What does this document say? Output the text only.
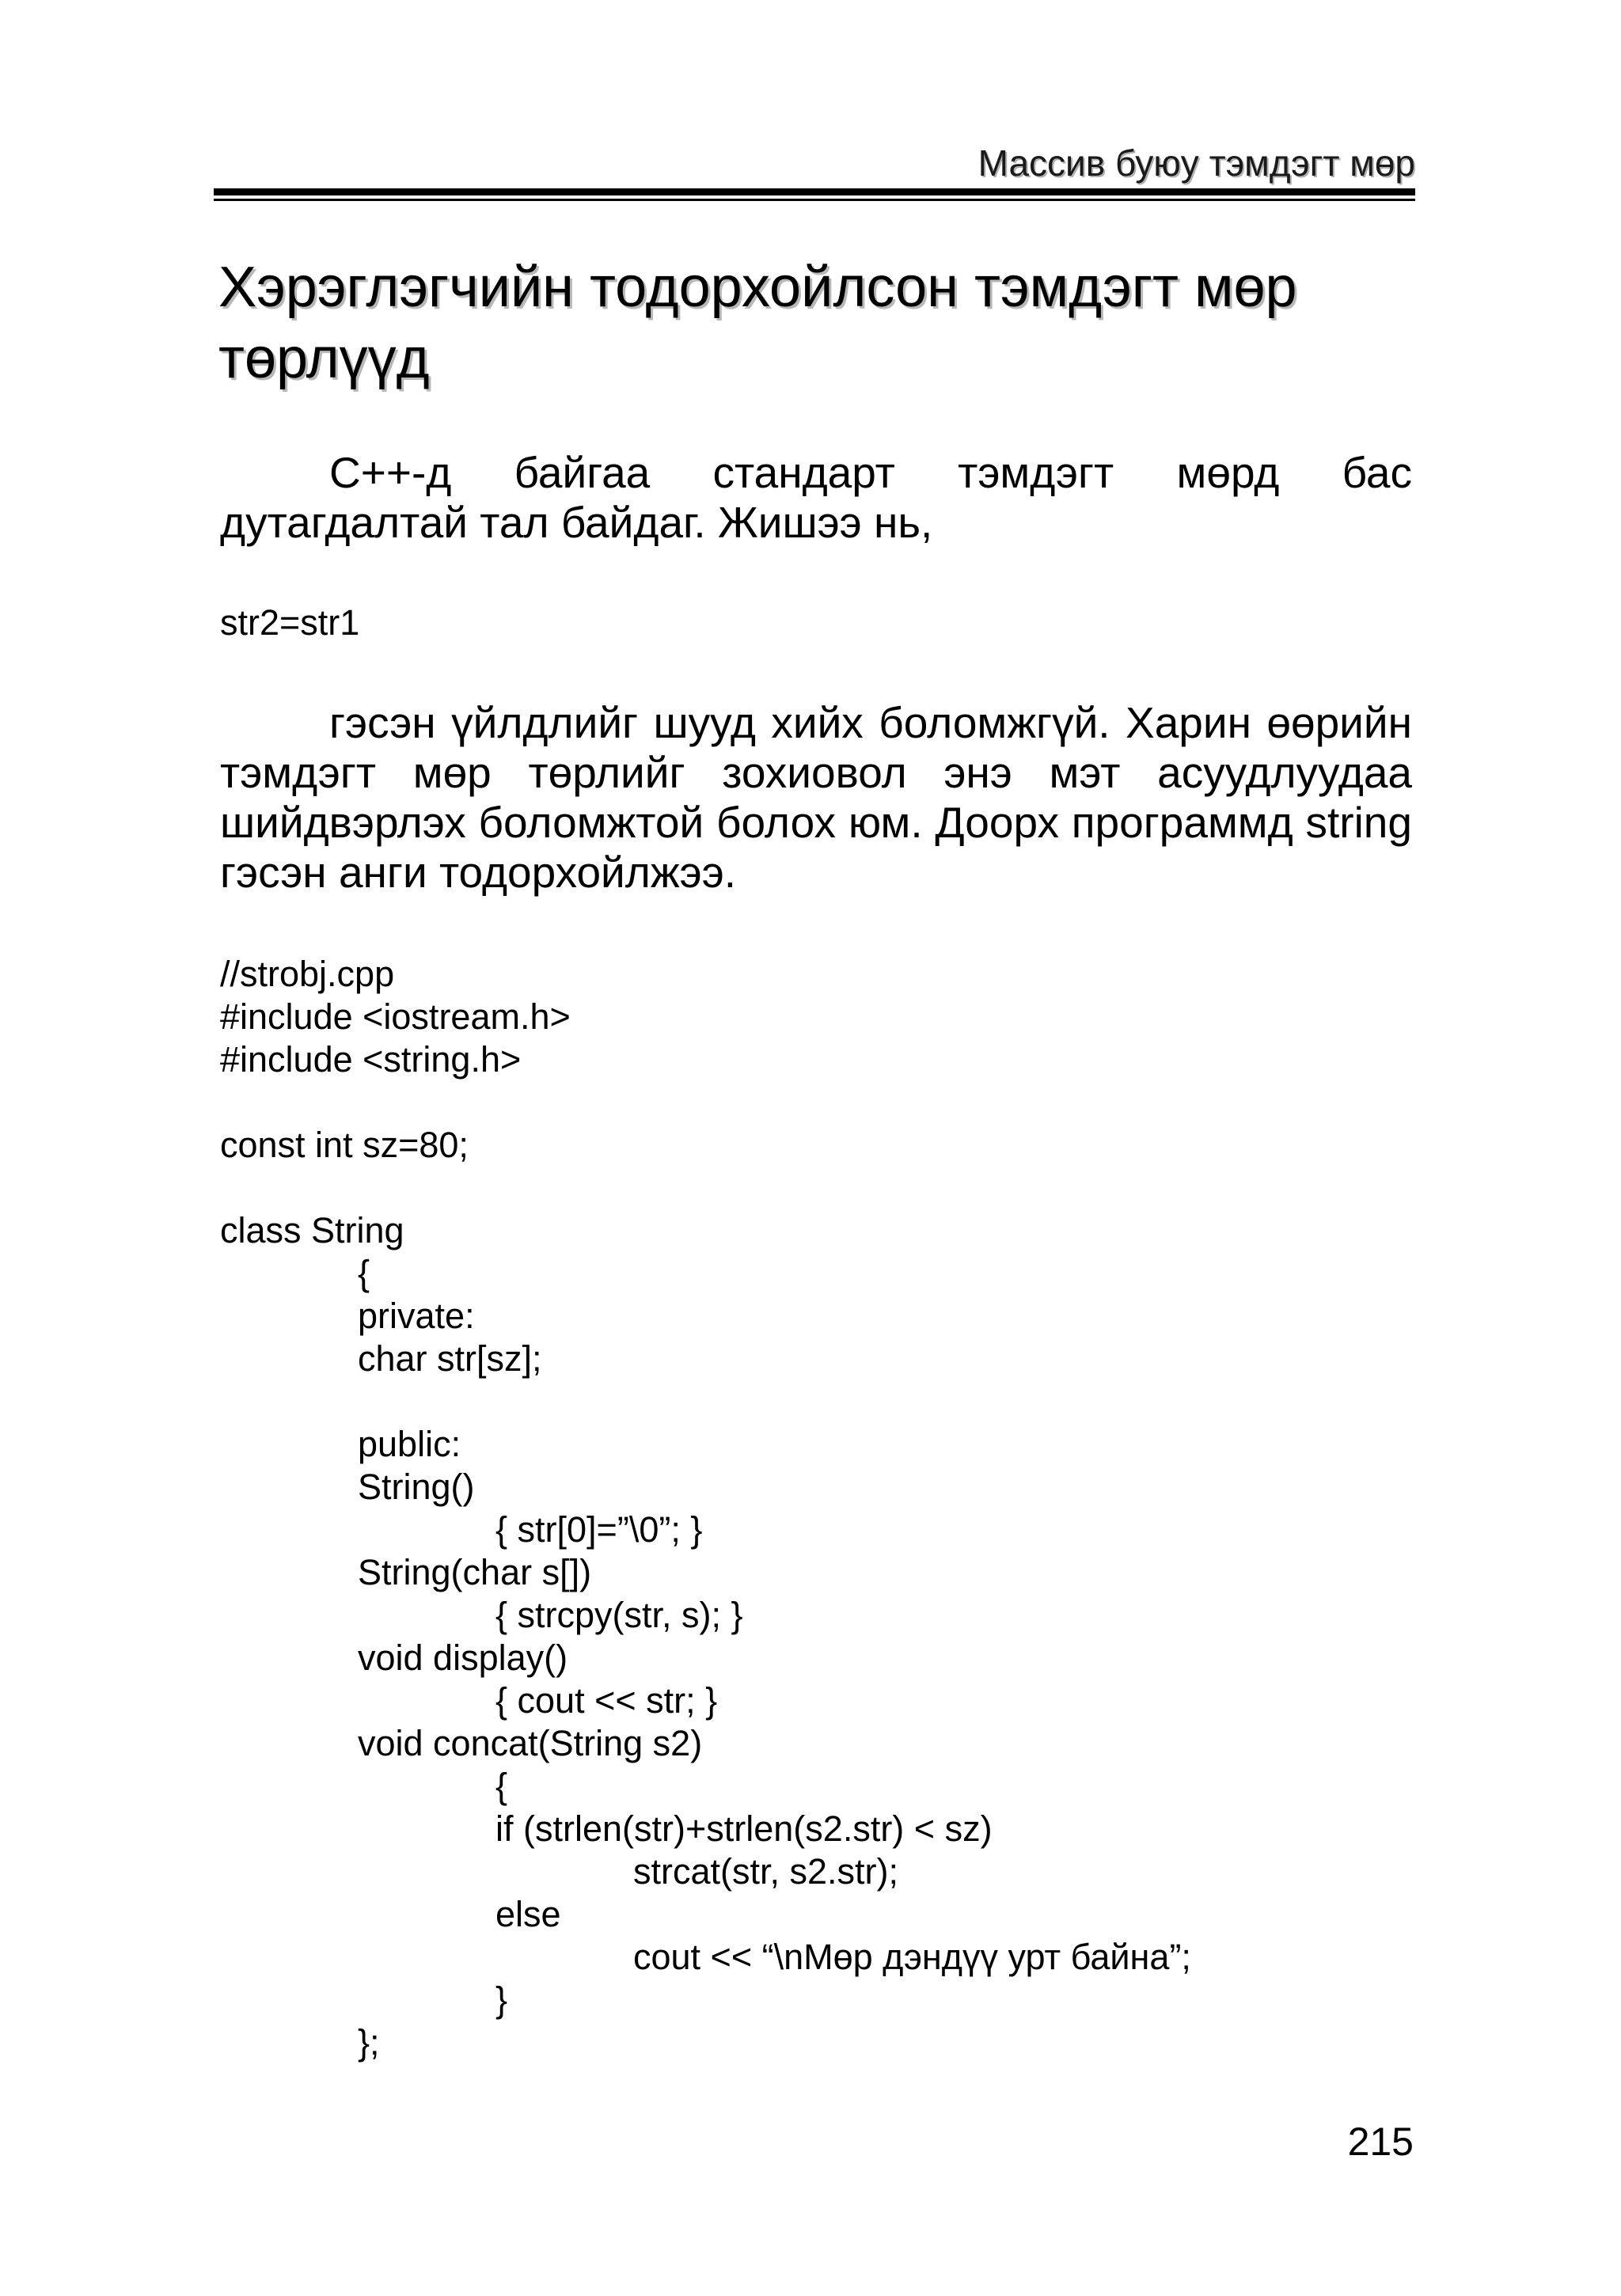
Массив буюу тэмдэгт мөр
Хэрэглэгчийн тодорхойлсон тэмдэгт мөр төрлүүд

C++-д байгаа стандарт тэмдэгт мөрд бас дутагдалтай тал байдаг. Жишээ нь,

str2=str1

гэсэн үйлдлийг шууд хийх боломжгүй. Харин өөрийн тэмдэгт мөр төрлийг зохиовол энэ мэт асуудлуудаа шийдвэрлэх боломжтой болох юм. Доорх программд string гэсэн анги тодорхойлжээ.

//strobj.cpp
#include <iostream.h>
#include <string.h>
const int sz=80;
class String
{
private:
char str[sz];
public:
String()
{ str[0]=”\0”; }
String(char s[])
{ strcpy(str, s); }
void display()
{ cout << str; }
void concat(String s2)
{
if (strlen(str)+strlen(s2.str) < sz)
strcat(str, s2.str);
else
cout << “\nМөр дэндүү урт байна”;
}
};
215
